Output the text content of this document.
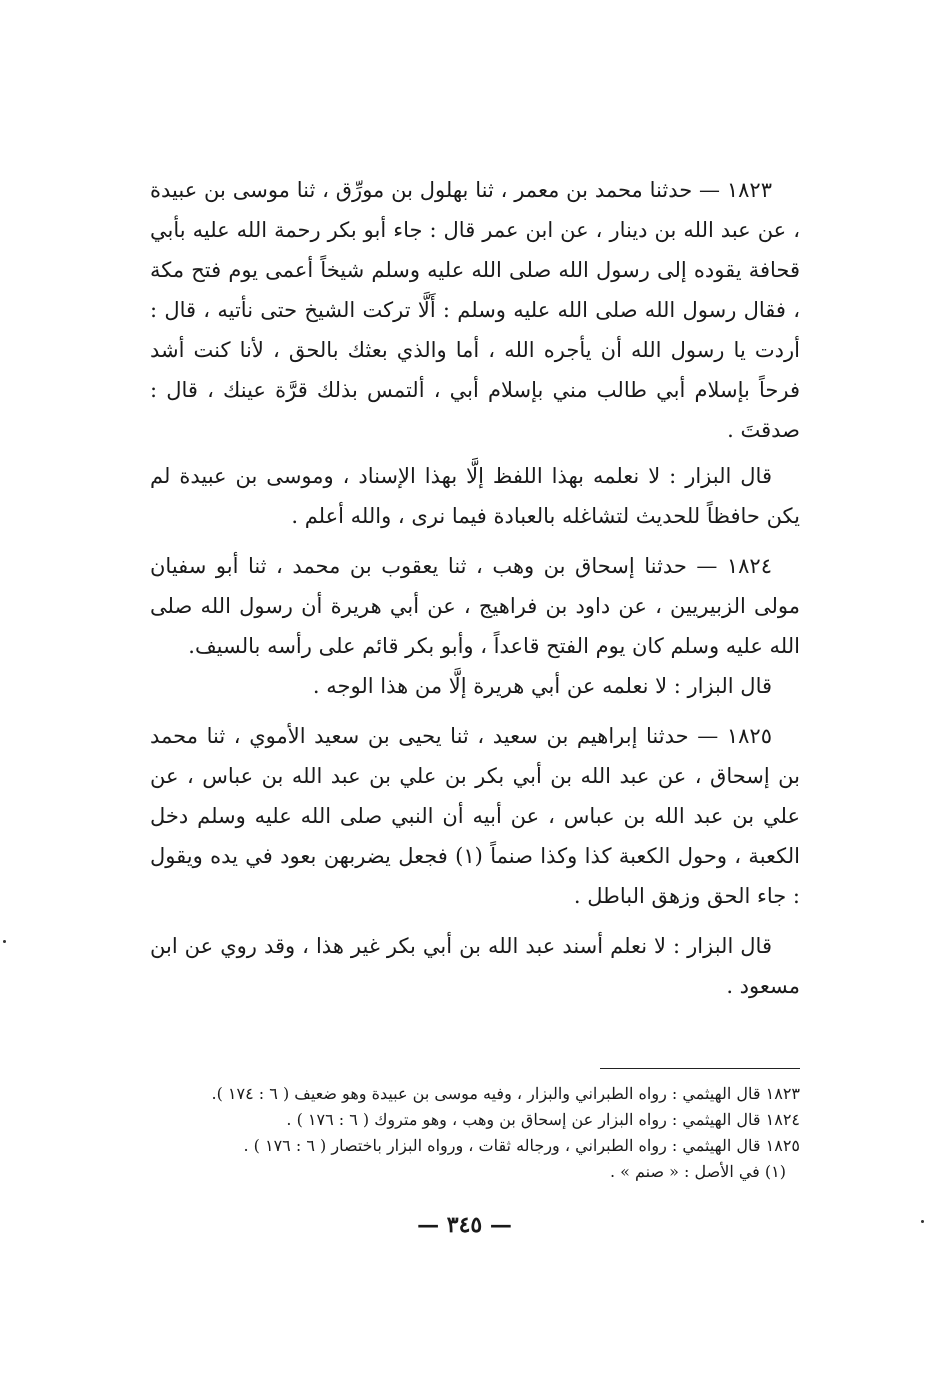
١٨٢٣ — حدثنا محمد بن معمر ، ثنا بهلول بن مورِّق ، ثنا موسى بن عبيدة ، عن عبد الله بن دينار ، عن ابن عمر قال : جاء أبو بكر رحمة الله عليه بأبي قحافة يقوده إلى رسول الله صلى الله عليه وسلم شيخاً أعمى يوم فتح مكة ، فقال رسول الله صلى الله عليه وسلم : أَلَّا تركت الشيخ حتى نأتيه ، قال : أردت يا رسول الله أن يأجره الله ، أما والذي بعثك بالحق ، لأنا كنت أشد فرحاً بإسلام أبي طالب مني بإسلام أبي ، ألتمس بذلك قرَّة عينك ، قال : صدقتَ .

قال البزار : لا نعلمه بهذا اللفظ إلَّا بهذا الإسناد ، وموسى بن عبيدة لم يكن حافظاً للحديث لتشاغله بالعبادة فيما نرى ، والله أعلم .

١٨٢٤ — حدثنا إسحاق بن وهب ، ثنا يعقوب بن محمد ، ثنا أبو سفيان مولى الزبيريين ، عن داود بن فراهيج ، عن أبي هريرة أن رسول الله صلى الله عليه وسلم كان يوم الفتح قاعداً ، وأبو بكر قائم على رأسه بالسيف.

قال البزار : لا نعلمه عن أبي هريرة إلَّا من هذا الوجه .

١٨٢٥ — حدثنا إبراهيم بن سعيد ، ثنا يحيى بن سعيد الأموي ، ثنا محمد بن إسحاق ، عن عبد الله بن أبي بكر بن علي بن عبد الله بن عباس ، عن علي بن عبد الله بن عباس ، عن أبيه أن النبي صلى الله عليه وسلم دخل الكعبة ، وحول الكعبة كذا وكذا صنماً (١) فجعل يضربهن بعود في يده ويقول : جاء الحق وزهق الباطل .

قال البزار : لا نعلم أسند عبد الله بن أبي بكر غير هذا ، وقد روي عن ابن مسعود .

١٨٢٣ قال الهيثمي : رواه الطبراني والبزار ، وفيه موسى بن عبيدة وهو ضعيف ( ٦ : ١٧٤ ).

١٨٢٤ قال الهيثمي : رواه البزار عن إسحاق بن وهب ، وهو متروك ( ٦ : ١٧٦ ) .

١٨٢٥ قال الهيثمي : رواه الطبراني ، ورجاله ثقات ، ورواه البزار باختصار ( ٦ : ١٧٦ ) .

(١) في الأصل : « صنم » .

— ٣٤٥ —
